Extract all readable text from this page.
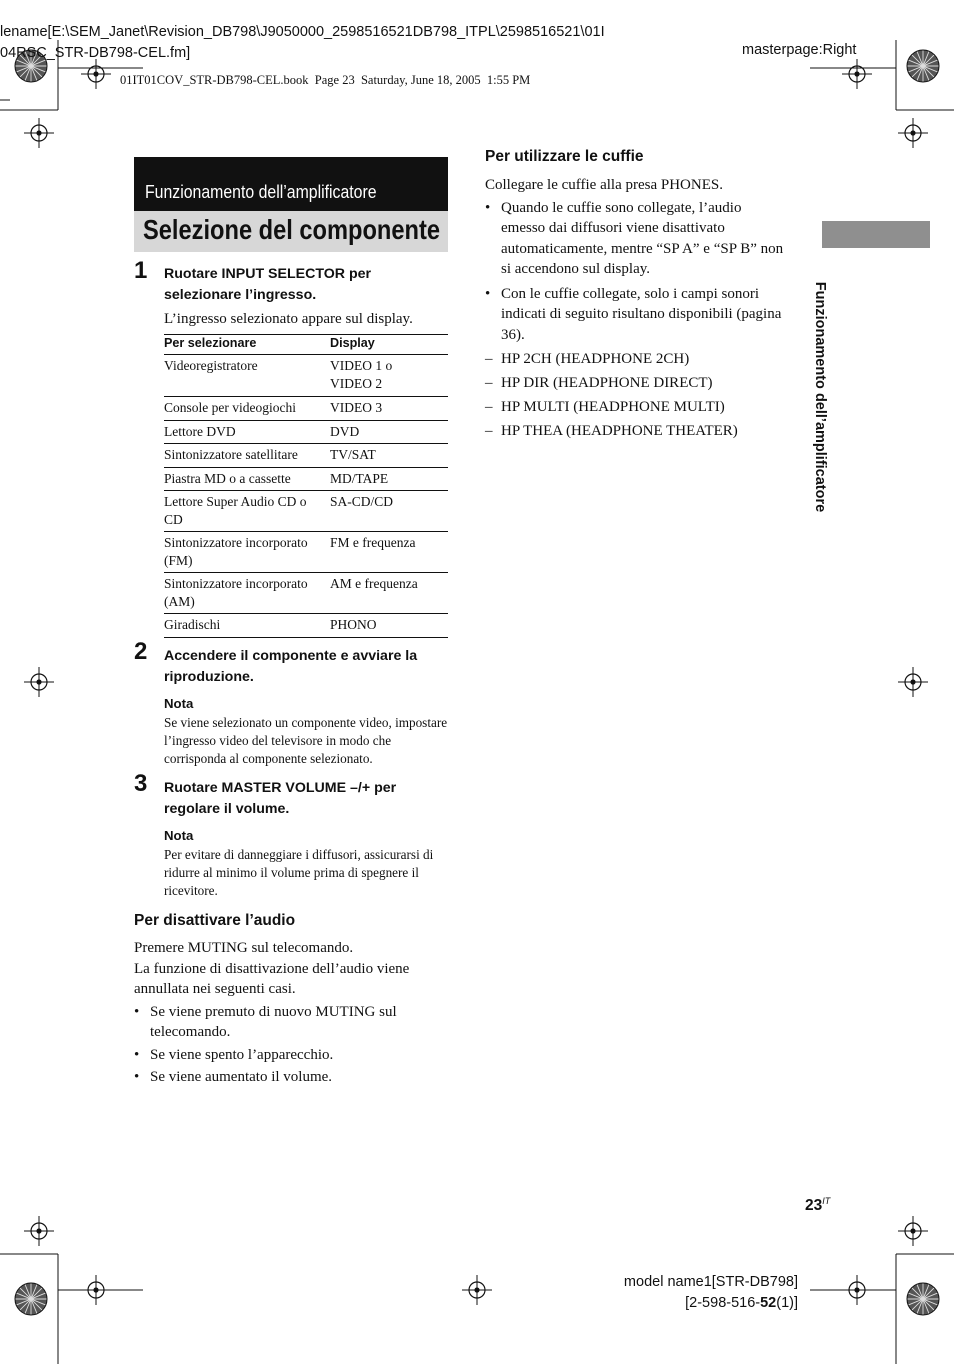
lename[E:\SEM_Janet\Revision_DB798\J9050000_2598516521DB798_ITPL\2598516521\01I
04RSC_STR-DB798-CEL.fm]	masterpage:Right
01IT01COV_STR-DB798-CEL.book  Page 23  Saturday, June 18, 2005  1:55 PM
Funzionamento dell’amplificatore
Selezione del componente
Funzionamento dell’amplificatore
1 Ruotare INPUT SELECTOR per selezionare l’ingresso.
L’ingresso selezionato appare sul display.
Per selezionare	Display
Videoregistratore	VIDEO 1 o VIDEO 2
Console per videogiochi	VIDEO 3
Lettore DVD	DVD
Sintonizzatore satellitare	TV/SAT
Piastra MD o a cassette	MD/TAPE
Lettore Super Audio CD o CD	SA-CD/CD
Sintonizzatore incorporato (FM)	FM e frequenza
Sintonizzatore incorporato (AM)	AM e frequenza
Giradischi	PHONO
2 Accendere il componente e avviare la riproduzione.
Nota
Se viene selezionato un componente video, impostare l’ingresso video del televisore in modo che corrisponda al componente selezionato.
3 Ruotare MASTER VOLUME –/+ per regolare il volume.
Nota
Per evitare di danneggiare i diffusori, assicurarsi di ridurre al minimo il volume prima di spegnere il ricevitore.
Per disattivare l’audio
Premere MUTING sul telecomando.
La funzione di disattivazione dell’audio viene annullata nei seguenti casi.
• Se viene premuto di nuovo MUTING sul telecomando.
• Se viene spento l’apparecchio.
• Se viene aumentato il volume.
Per utilizzare le cuffie
Collegare le cuffie alla presa PHONES.
• Quando le cuffie sono collegate, l’audio emesso dai diffusori viene disattivato automaticamente, mentre “SP A” e “SP B” non si accendono sul display.
• Con le cuffie collegate, solo i campi sonori indicati di seguito risultano disponibili (pagina 36).
– HP 2CH (HEADPHONE 2CH)
– HP DIR (HEADPHONE DIRECT)
– HP MULTI (HEADPHONE MULTI)
– HP THEA (HEADPHONE THEATER)
$23^{IT}$
model name1[STR-DB798]
[2-598-516-52(1)]
